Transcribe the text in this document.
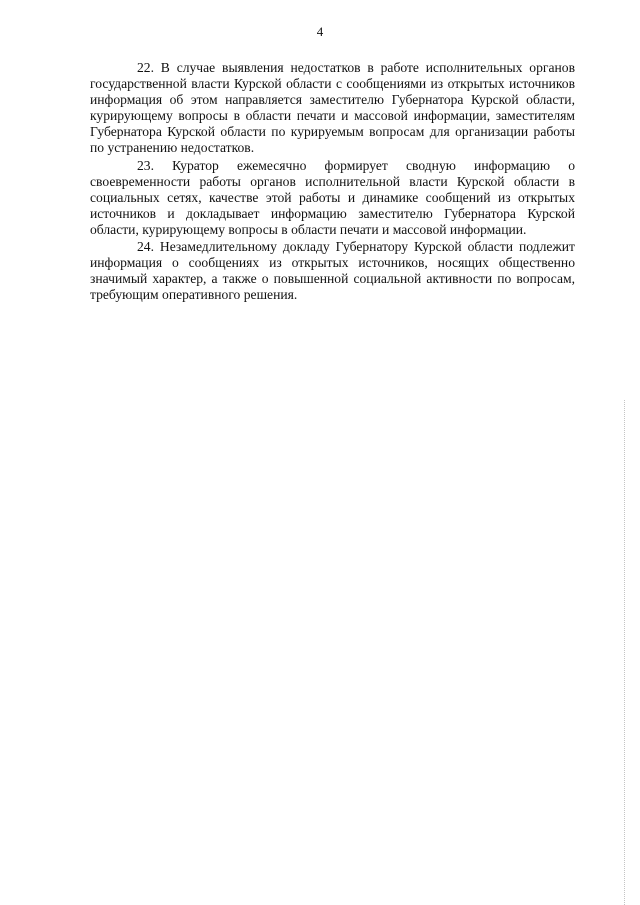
4

22. В случае выявления недостатков в работе исполнительных органов государственной власти Курской области с сообщениями из открытых источников информация об этом направляется заместителю Губернатора Курской области, курирующему вопросы в области печати и массовой информации, заместителям Губернатора Курской области по курируемым вопросам для организации работы по устранению недостатков.

23. Куратор ежемесячно формирует сводную информацию о своевременности работы органов исполнительной власти Курской области в социальных сетях, качестве этой работы и динамике сообщений из открытых источников и докладывает информацию заместителю Губернатора Курской области, курирующему вопросы в области печати и массовой информации.

24. Незамедлительному докладу Губернатору Курской области подлежит информация о сообщениях из открытых источников, носящих общественно значимый характер, а также о повышенной социальной активности по вопросам, требующим оперативного решения.
